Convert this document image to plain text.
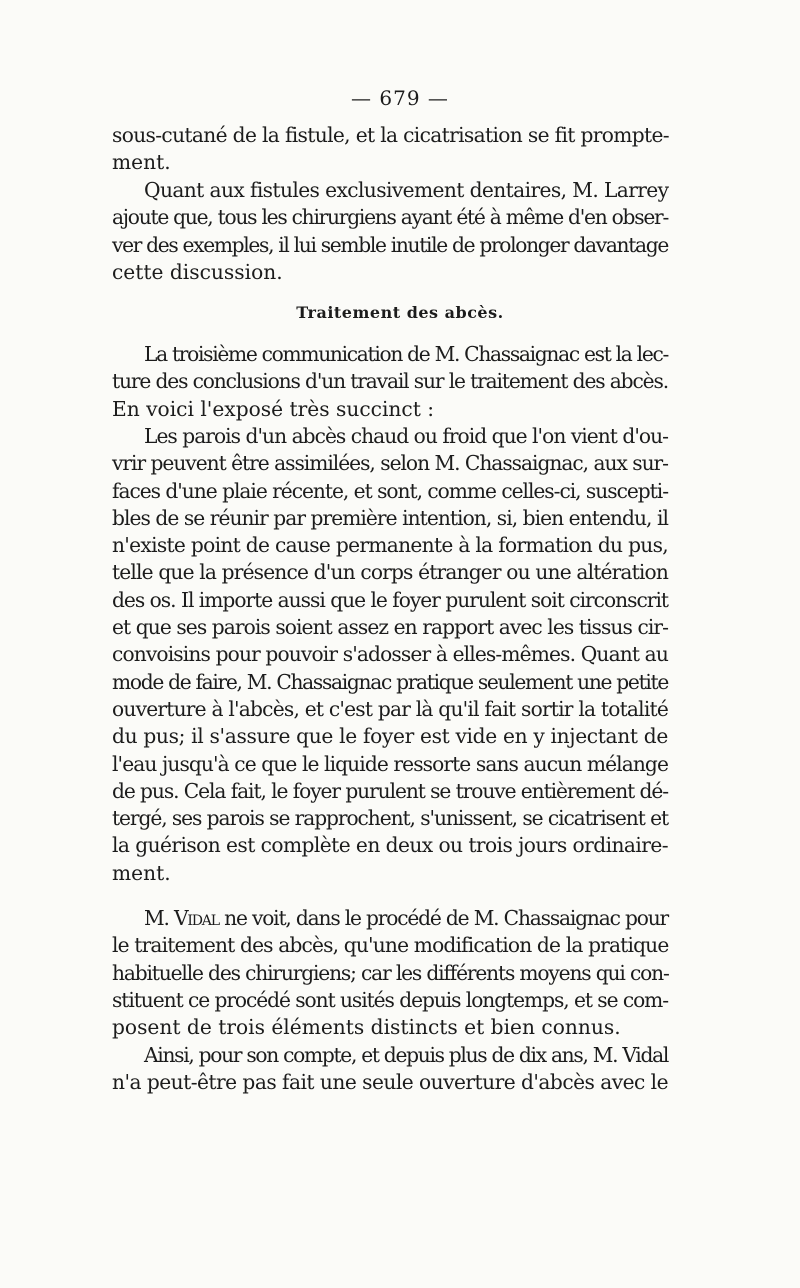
— 679 —
sous-cutané de la fistule, et la cicatrisation se fit prompte-
ment.
Quant aux fistules exclusivement dentaires, M. Larrey
ajoute que, tous les chirurgiens ayant été à même d'en obser-
ver des exemples, il lui semble inutile de prolonger davantage
cette discussion.
Traitement des abcès.
La troisième communication de M. Chassaignac est la lec-
ture des conclusions d'un travail sur le traitement des abcès.
En voici l'exposé très succinct :
Les parois d'un abcès chaud ou froid que l'on vient d'ou-
vrir peuvent être assimilées, selon M. Chassaignac, aux sur-
faces d'une plaie récente, et sont, comme celles-ci, suscepti-
bles de se réunir par première intention, si, bien entendu, il
n'existe point de cause permanente à la formation du pus,
telle que la présence d'un corps étranger ou une altération
des os. Il importe aussi que le foyer purulent soit circonscrit
et que ses parois soient assez en rapport avec les tissus cir-
convoisins pour pouvoir s'adosser à elles-mêmes. Quant au
mode de faire, M. Chassaignac pratique seulement une petite
ouverture à l'abcès, et c'est par là qu'il fait sortir la totalité
du pus; il s'assure que le foyer est vide en y injectant de
l'eau jusqu'à ce que le liquide ressorte sans aucun mélange
de pus. Cela fait, le foyer purulent se trouve entièrement dé-
tergé, ses parois se rapprochent, s'unissent, se cicatrisent et
la guérison est complète en deux ou trois jours ordinaire-
ment.
M. Vidal ne voit, dans le procédé de M. Chassaignac pour
le traitement des abcès, qu'une modification de la pratique
habituelle des chirurgiens; car les différents moyens qui con-
stituent ce procédé sont usités depuis longtemps, et se com-
posent de trois éléments distincts et bien connus.
Ainsi, pour son compte, et depuis plus de dix ans, M. Vidal
n'a peut-être pas fait une seule ouverture d'abcès avec le
